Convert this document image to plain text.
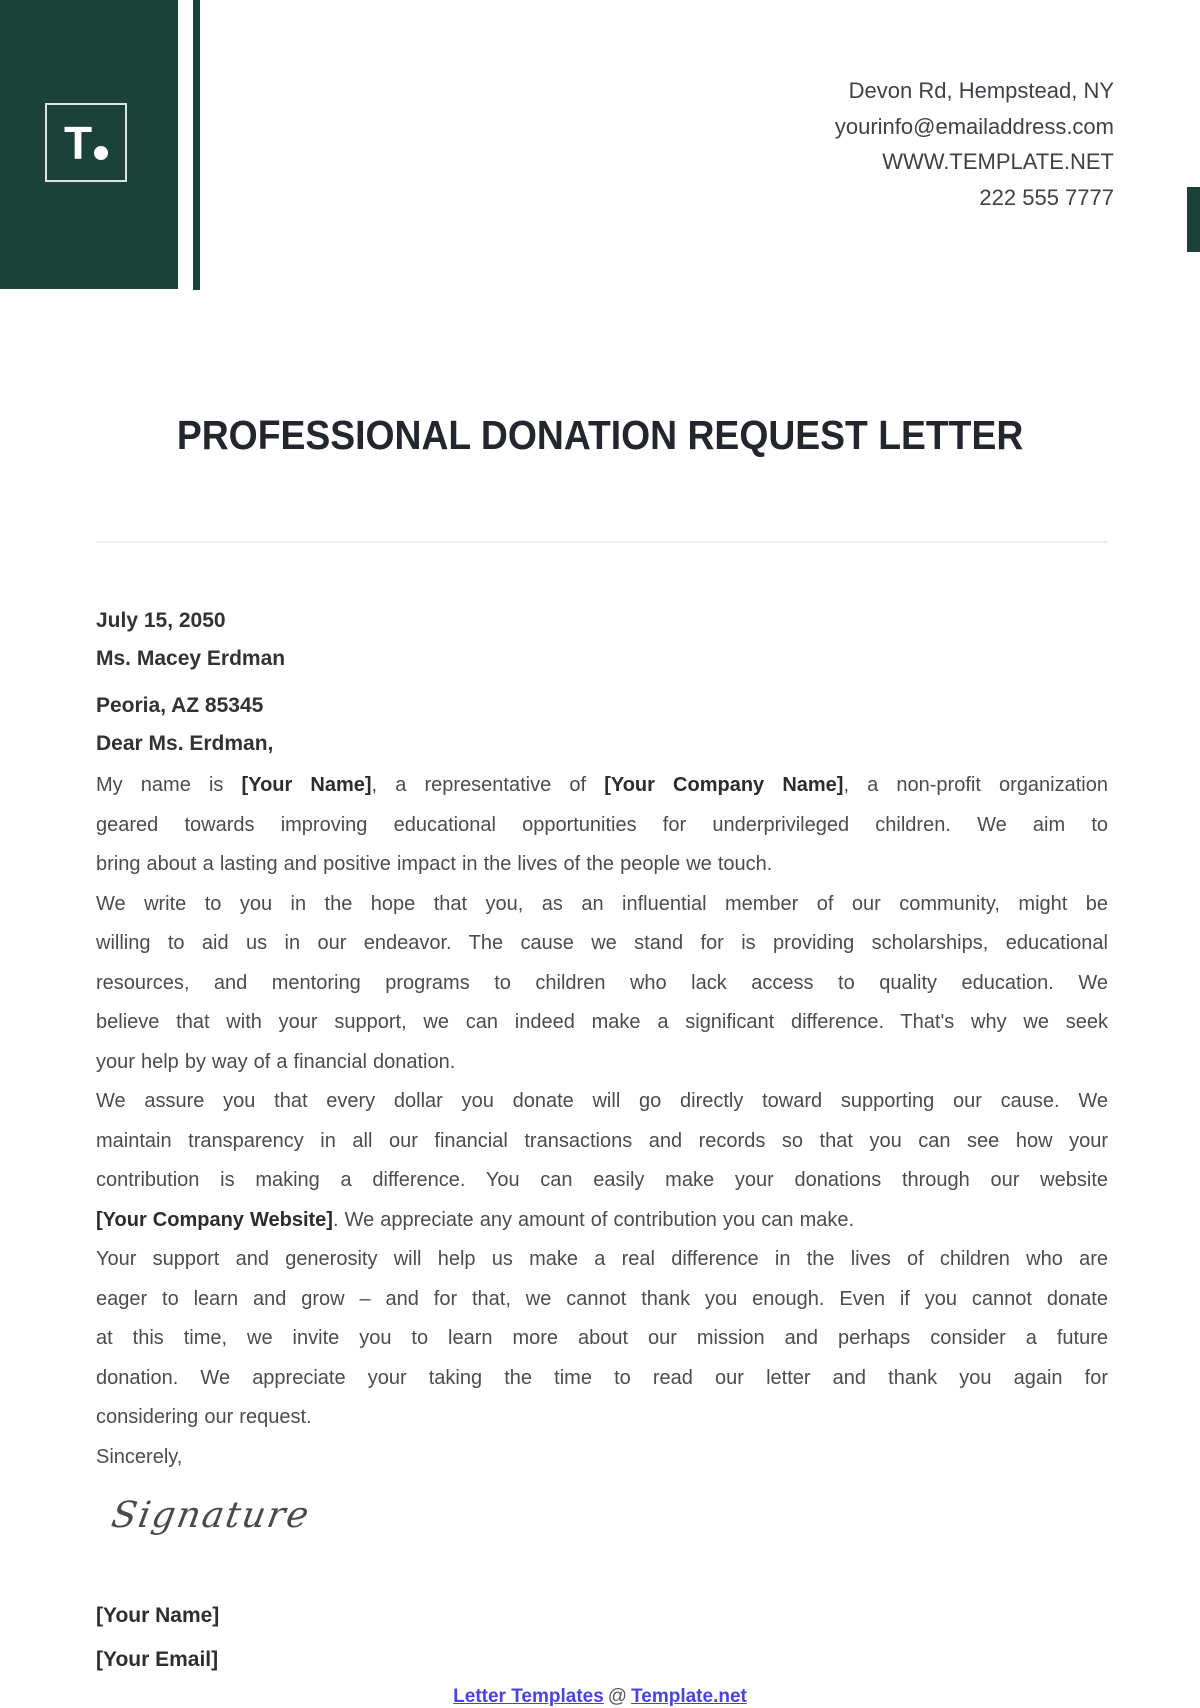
T
Devon Rd, Hempstead, NY
yourinfo@emailaddress.com
WWW.TEMPLATE.NET
222 555 7777
PROFESSIONAL DONATION REQUEST LETTER
July 15, 2050
Ms. Macey Erdman
Peoria, AZ 85345
Dear Ms. Erdman,
My name is [Your Name], a representative of [Your Company Name], a non-profit organization
geared towards improving educational opportunities for underprivileged children. We aim to
bring about a lasting and positive impact in the lives of the people we touch.
We write to you in the hope that you, as an influential member of our community, might be
willing to aid us in our endeavor. The cause we stand for is providing scholarships, educational
resources, and mentoring programs to children who lack access to quality education. We
believe that with your support, we can indeed make a significant difference. That's why we seek
your help by way of a financial donation.
We assure you that every dollar you donate will go directly toward supporting our cause. We
maintain transparency in all our financial transactions and records so that you can see how your
contribution is making a difference. You can easily make your donations through our website
[Your Company Website]. We appreciate any amount of contribution you can make.
Your support and generosity will help us make a real difference in the lives of children who are
eager to learn and grow – and for that, we cannot thank you enough. Even if you cannot donate
at this time, we invite you to learn more about our mission and perhaps consider a future
donation. We appreciate your taking the time to read our letter and thank you again for
considering our request.
Sincerely,
Signature
[Your Name]
[Your Email]
Letter Templates @ Template.net
